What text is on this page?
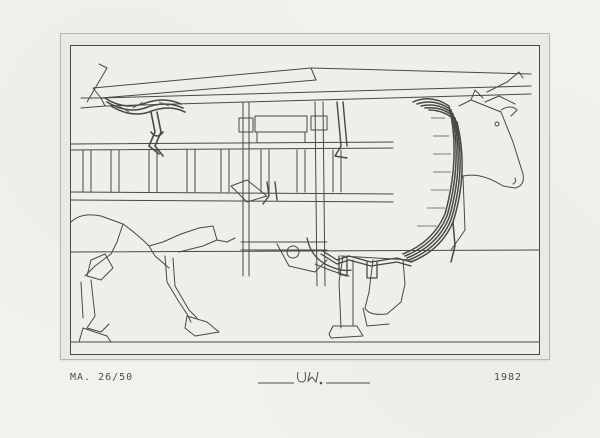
MA. 26/50	1982
